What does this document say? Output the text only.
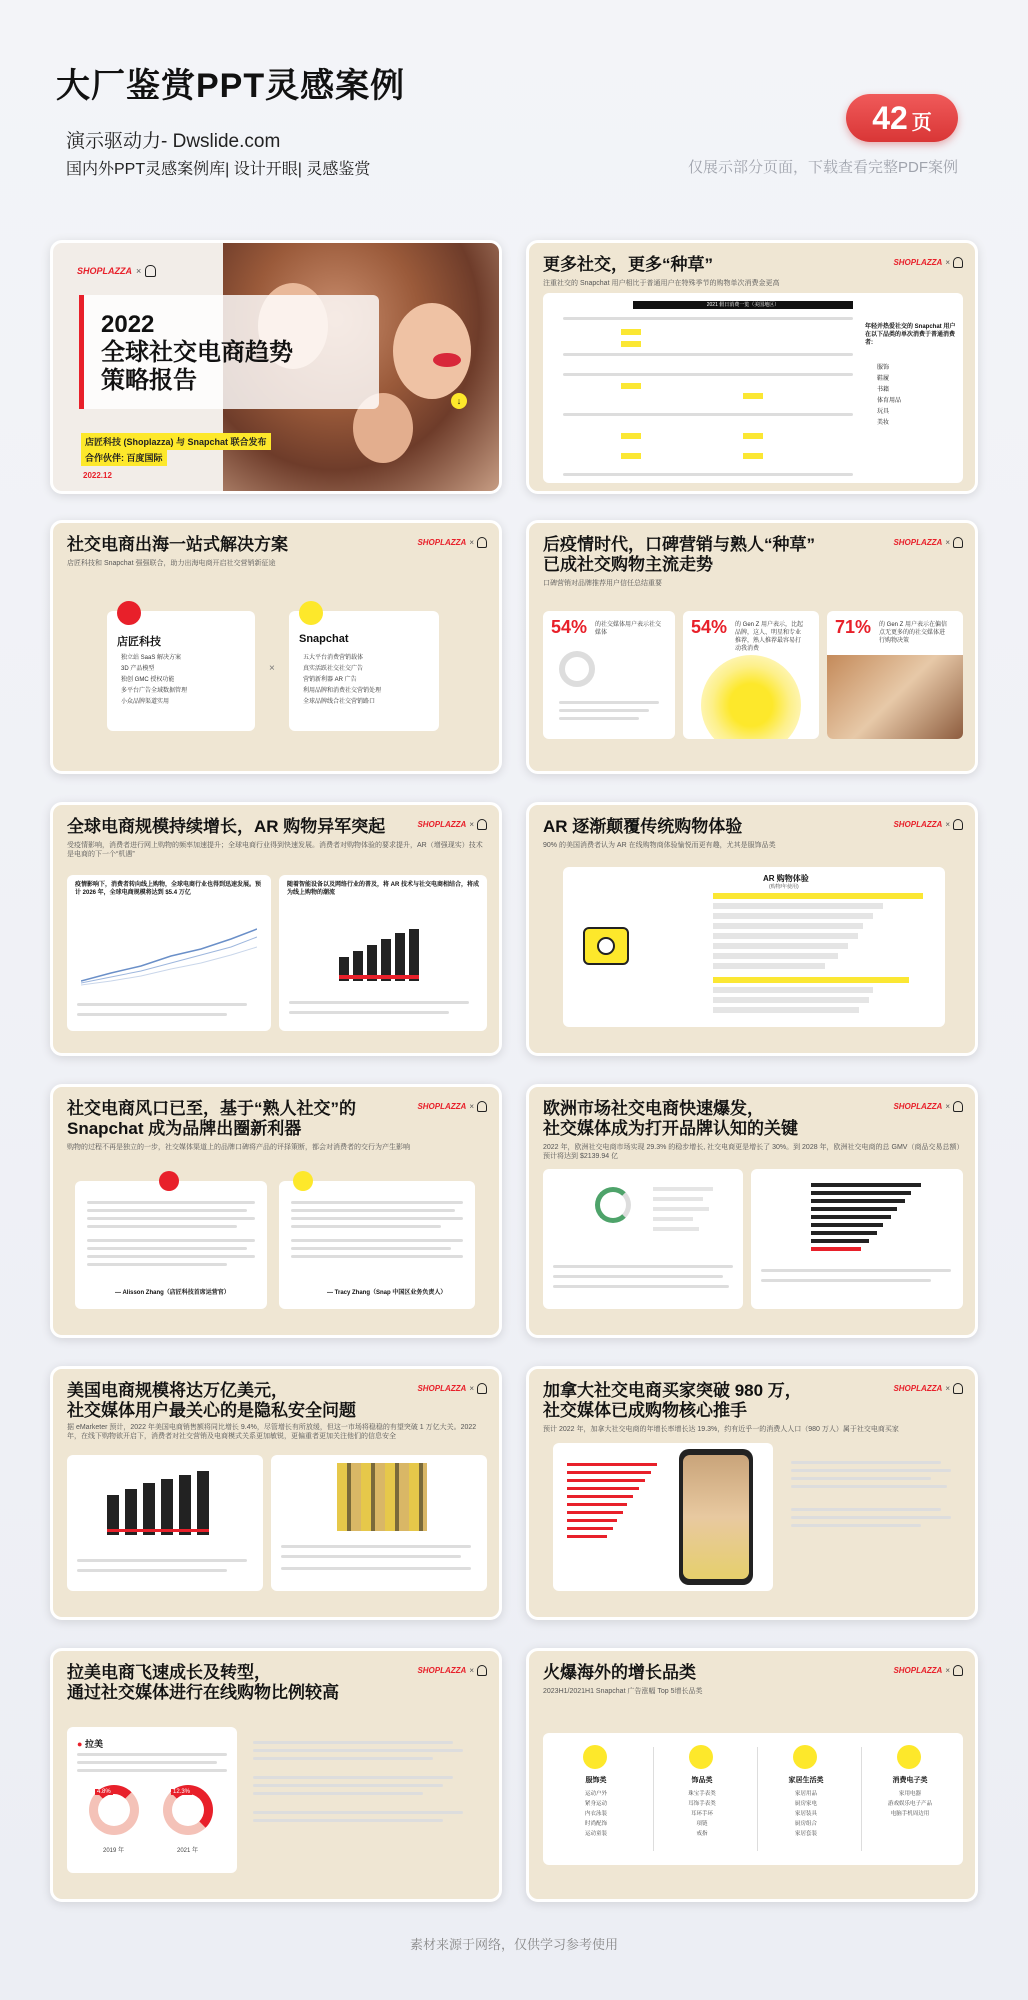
大厂鉴赏PPT灵感案例
演示驱动力- Dwslide.com
国内外PPT灵感案例库| 设计开眼| 灵感鉴赏
42 页
仅展示部分页面，下载查看完整PDF案例
SHOPLAZZA ×
2022
全球社交电商趋势
策略报告
↓
店匠科技 (Shoplazza) 与 Snapchat 联合发布
合作伙伴: 百度国际
2022.12
更多社交，更多“种草”
注重社交的 Snapchat 用户相比于普通用户在特殊季节的购物单次消费金更高
SHOPLAZZA ×
2021 假日消费一览（美国地区）
年轻并热爱社交的 Snapchat 用户在以下品类的单次消费于普通消费者:
服饰
鞋履
书籍
体育用品
玩具
美妆
社交电商出海一站式解决方案
店匠科技和 Snapchat 强强联合，助力出海电商开启社交营销新征途
SHOPLAZZA ×
店匠科技
独立站 SaaS 解决方案
3D 产品模型
独创 GMC 授权功能
多平台广告全域数据管理
小众品牌渠道实用
×
Snapchat
五大平台消费营销载体
真实活跃社交社交广告
营销新利器 AR 广告
利用品牌和消费社交营销处理
全球品牌线合社交营销路口
后疫情时代，口碑营销与熟人“种草”
已成社交购物主流走势
口碑营销对品牌推荐用户信任总结重要
SHOPLAZZA ×
54% 的社交媒体用户表示社交媒体	54% 的 Gen Z 用户表示，比起品牌，这人、明星和专业推荐，熟人推荐最容易打动我消费
71% 的 Gen Z 用户表示在偏信点无更多的的社交媒体进行购物决策
全球电商规模持续增长，AR 购物异军突起
受疫情影响，消费者进行网上购物的频率加速提升；全球电商行业得到快速发展。消费者对购物体验的要求提升，AR（增强现实）技术是电商的下一个“机遇”
SHOPLAZZA ×
疫情影响下，消费者转向线上购物，全球电商行业也得到迅速发展。预计 2026 年，全球电商规模将达到 $5.4 万亿
随着智能设备以及网络行业的普及，将 AR 技术与社交电商相结合，将成为线上购物的潮流
AR 逐渐颠覆传统购物体验
90% 的美国消费者认为 AR 在线购物商体验愉悦而更有趣，尤其是服饰品类
SHOPLAZZA ×
AR 购物体验
(购物/年使用)
社交电商风口已至，基于“熟人社交”的
Snapchat 成为品牌出圈新利器
购物的过程不再是独立的一步，社交媒体渠道上的品牌口碑将产品的评择策断，都会对消费者的交行为产生影响
SHOPLAZZA ×
— Alisson Zhang（店匠科技首席运营官）	— Tracy Zhang（Snap 中国区业务负责人）
欧洲市场社交电商快速爆发，
社交媒体成为打开品牌认知的关键
2022 年，欧洲社交电商市场实现 29.3% 的稳步增长, 社交电商更是增长了 30%。到 2028 年，欧洲社交电商的总 GMV（商品交易总额）预计将达到 $2139.94 亿
SHOPLAZZA ×
美国电商规模将达万亿美元，
社交媒体用户最关心的是隐私安全问题
据 eMarketer 预计，2022 年美国电商销售额将同比增长 9.4%，尽管增长有所放缓，但这一市场将稳稳的有望突破 1 万亿大关。2022 年，在线下购物欲开启下，消费者对社交营销及电商模式关系更加敏锐，更偏重者更加关注他们的信息安全
SHOPLAZZA ×	加拿大社交电商买家突破 980 万，
社交媒体已成购物核心推手
预计 2022 年，加拿大社交电商的年增长率增长达 19.3%，约有近乎一的消费人人口（980 万人）属于社交电商买家
SHOPLAZZA ×
拉美电商飞速成长及转型，
通过社交媒体进行在线购物比例较高
SHOPLAZZA ×
● 拉美
4.8%	12.3%
2019 年	2021 年
火爆海外的增长品类
2023H1/2021H1 Snapchat 广告涨幅 Top 5增长品类
SHOPLAZZA ×
服饰类
运动户外
紧身运动
内衣泳装
时尚配饰
运动童装
饰品类
珠宝手表类
耳饰手表类
耳环手环
项链
戒指
家居生活类
家居用品
厨房家电
家居装具
厨房组合
家居套装
消费电子类
家用电器
游戏娱乐电子产品
电脑手机周边用
素材来源于网络，仅供学习参考使用
